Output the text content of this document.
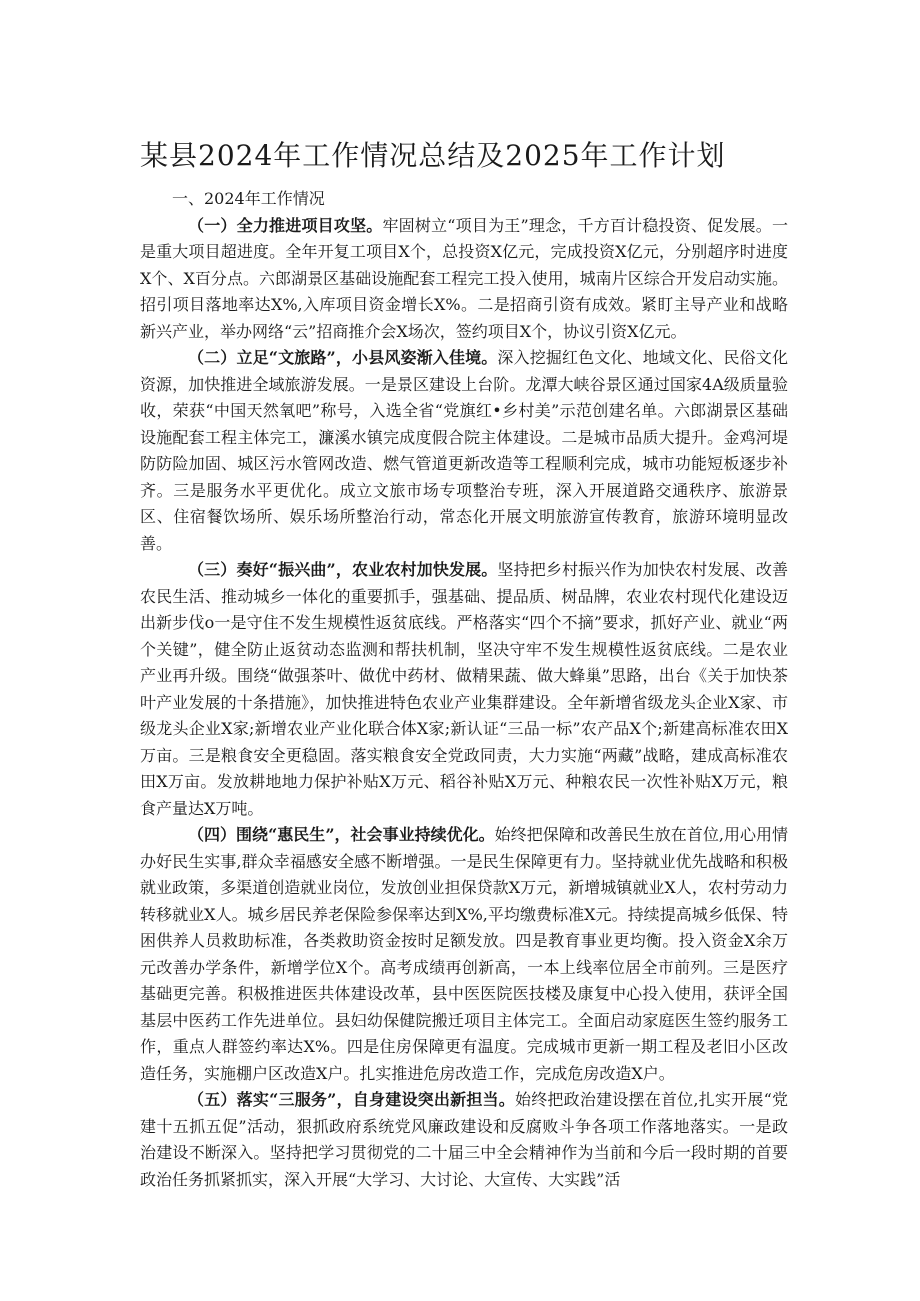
某县2024年工作情况总结及2025年工作计划
一、2024年工作情况

（一）全力推进项目攻坚。牢固树立“项目为王”理念，千方百计稳投资、促发展。一是重大项目超进度。全年开复工项目X个，总投资X亿元，完成投资X亿元，分别超序时进度X个、X百分点。六郎湖景区基础设施配套工程完工投入使用，城南片区综合开发启动实施。招引项目落地率达X%,入库项目资金增长X%。二是招商引资有成效。紧盯主导产业和战略新兴产业，举办网络“云”招商推介会X场次，签约项目X个，协议引资X亿元。

（二）立足“文旅路”，小县风姿渐入佳境。深入挖掘红色文化、地域文化、民俗文化资源，加快推进全域旅游发展。一是景区建设上台阶。龙潭大峡谷景区通过国家4A级质量验收，荣获“中国天然氧吧”称号，入选全省“党旗红•乡村美”示范创建名单。六郎湖景区基础设施配套工程主体完工，濂溪水镇完成度假合院主体建设。二是城市品质大提升。金鸡河堤防防险加固、城区污水管网改造、燃气管道更新改造等工程顺利完成，城市功能短板逐步补齐。三是服务水平更优化。成立文旅市场专项整治专班，深入开展道路交通秩序、旅游景区、住宿餐饮场所、娱乐场所整治行动，常态化开展文明旅游宣传教育，旅游环境明显改善。

（三）奏好“振兴曲”，农业农村加快发展。坚持把乡村振兴作为加快农村发展、改善农民生活、推动城乡一体化的重要抓手，强基础、提品质、树品牌，农业农村现代化建设迈出新步伐o一是守住不发生规模性返贫底线。严格落实“四个不摘”要求，抓好产业、就业“两个关键”，健全防止返贫动态监测和帮扶机制，坚决守牢不发生规模性返贫底线。二是农业产业再升级。围绕“做强茶叶、做优中药材、做精果蔬、做大蜂巢”思路，出台《关于加快茶叶产业发展的十条措施》，加快推进特色农业产业集群建设。全年新增省级龙头企业X家、市级龙头企业X家;新增农业产业化联合体X家;新认证“三品一标”农产品X个;新建高标准农田X万亩。三是粮食安全更稳固。落实粮食安全党政同责，大力实施“两藏”战略，建成高标准农田X万亩。发放耕地地力保护补贴X万元、稻谷补贴X万元、种粮农民一次性补贴X万元，粮食产量达X万吨。

（四）围绕“惠民生”，社会事业持续优化。始终把保障和改善民生放在首位,用心用情办好民生实事,群众幸福感安全感不断增强。一是民生保障更有力。坚持就业优先战略和积极就业政策，多渠道创造就业岗位，发放创业担保贷款X万元，新增城镇就业X人，农村劳动力转移就业X人。城乡居民养老保险参保率达到X%,平均缴费标准X元。持续提高城乡低保、特困供养人员救助标准，各类救助资金按时足额发放。四是教育事业更均衡。投入资金X余万元改善办学条件，新增学位X个。高考成绩再创新高，一本上线率位居全市前列。三是医疗基础更完善。积极推进医共体建设改革，县中医医院医技楼及康复中心投入使用，获评全国基层中医药工作先进单位。县妇幼保健院搬迁项目主体完工。全面启动家庭医生签约服务工作，重点人群签约率达X%。四是住房保障更有温度。完成城市更新一期工程及老旧小区改造任务，实施棚户区改造X户。扎实推进危房改造工作，完成危房改造X户。

（五）落实“三服务”，自身建设突出新担当。始终把政治建设摆在首位,扎实开展“党建十五抓五促”活动，狠抓政府系统党风廉政建设和反腐败斗争各项工作落地落实。一是政治建设不断深入。坚持把学习贯彻党的二十届三中全会精神作为当前和今后一段时期的首要政治任务抓紧抓实，深入开展“大学习、大讨论、大宣传、大实践”活
